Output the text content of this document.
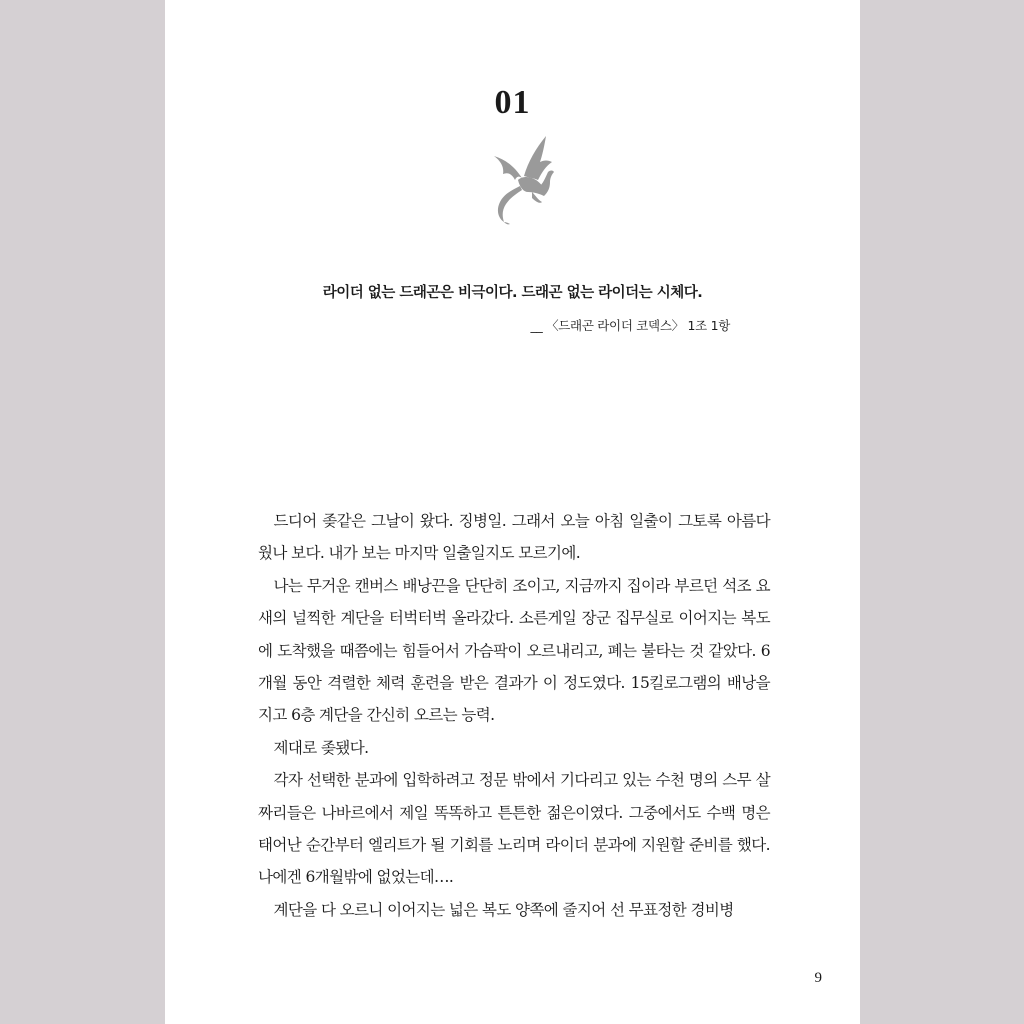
01
라이더 없는 드래곤은 비극이다. 드래곤 없는 라이더는 시체다.
__ 〈드래곤 라이더 코덱스〉 1조 1항

드디어 좆같은 그날이 왔다. 징병일. 그래서 오늘 아침 일출이 그토록 아름다웠나 보다. 내가 보는 마지막 일출일지도 모르기에.

나는 무거운 캔버스 배낭끈을 단단히 조이고, 지금까지 집이라 부르던 석조 요새의 널찍한 계단을 터벅터벅 올라갔다. 소른게일 장군 집무실로 이어지는 복도에 도착했을 때쯤에는 힘들어서 가슴팍이 오르내리고, 폐는 불타는 것 같았다. 6개월 동안 격렬한 체력 훈련을 받은 결과가 이 정도였다. 15킬로그램의 배낭을 지고 6층 계단을 간신히 오르는 능력.

제대로 좆됐다.

각자 선택한 분과에 입학하려고 정문 밖에서 기다리고 있는 수천 명의 스무 살짜리들은 나바르에서 제일 똑똑하고 튼튼한 젊은이였다. 그중에서도 수백 명은 태어난 순간부터 엘리트가 될 기회를 노리며 라이더 분과에 지원할 준비를 했다. 나에겐 6개월밖에 없었는데….

계단을 다 오르니 이어지는 넓은 복도 양쪽에 줄지어 선 무표정한 경비병

9
